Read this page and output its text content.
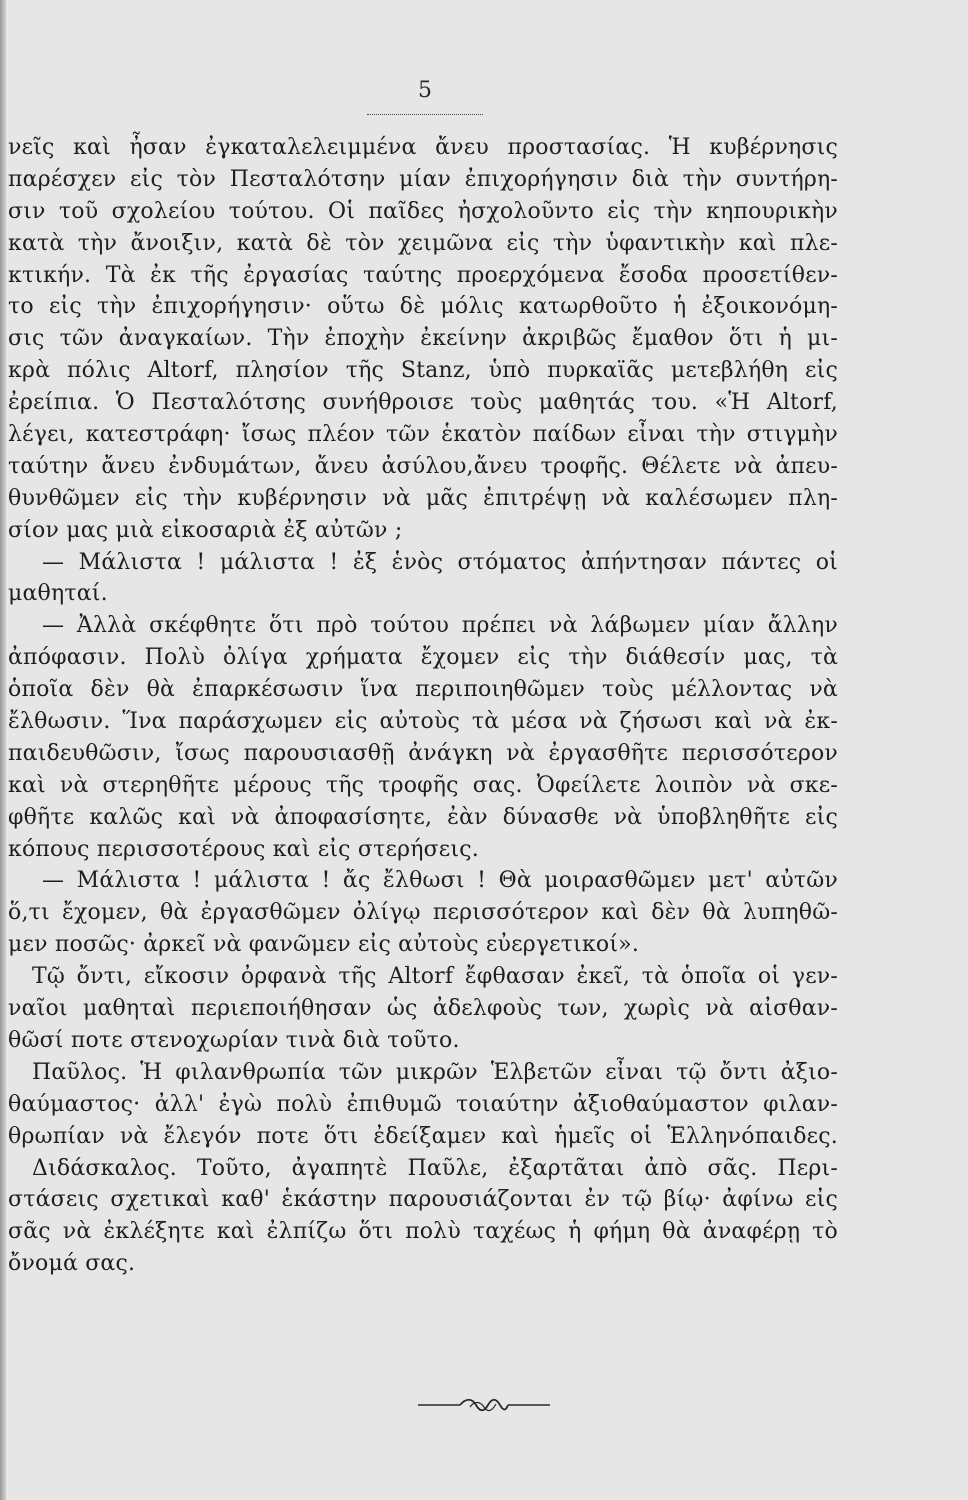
5
νεῖς καὶ ἦσαν ἐγκαταλελειμμένα ἄνευ προστασίας. Ἡ κυβέρνησις
παρέσχεν εἰς τὸν Πεσταλότσην μίαν ἐπιχορήγησιν διὰ τὴν συντήρη-
σιν τοῦ σχολείου τούτου. Οἱ παῖδες ἠσχολοῦντο εἰς τὴν κηπουρικὴν
κατὰ τὴν ἄνοιξιν, κατὰ δὲ τὸν χειμῶνα εἰς τὴν ὑφαντικὴν καὶ πλε-
κτικήν. Τὰ ἐκ τῆς ἐργασίας ταύτης προερχόμενα ἔσοδα προσετίθεν-
το εἰς τὴν ἐπιχορήγησιν· οὕτω δὲ μόλις κατωρθοῦτο ἡ ἐξοικονόμη-
σις τῶν ἀναγκαίων. Τὴν ἐποχὴν ἐκείνην ἀκριβῶς ἔμαθον ὅτι ἡ μι-
κρὰ πόλις Altorf, πλησίον τῆς Stanz, ὑπὸ πυρκαϊᾶς μετεβλήθη εἰς
ἐρείπια. Ὁ Πεσταλότσης συνήθροισε τοὺς μαθητάς του. «Ἡ Altorf,
λέγει, κατεστράφη· ἴσως πλέον τῶν ἑκατὸν παίδων εἶναι τὴν στιγμὴν
ταύτην ἄνευ ἐνδυμάτων, ἄνευ ἀσύλου,ἄνευ τροφῆς. Θέλετε νὰ ἀπευ-
θυνθῶμεν εἰς τὴν κυβέρνησιν νὰ μᾶς ἐπιτρέψῃ νὰ καλέσωμεν πλη-
σίον μας μιὰ εἰκοσαριὰ ἐξ αὐτῶν ;
— Μάλιστα ! μάλιστα ! ἐξ ἑνὸς στόματος ἀπήντησαν πάντες οἱ
μαθηταί.
— Ἀλλὰ σκέφθητε ὅτι πρὸ τούτου πρέπει νὰ λάβωμεν μίαν ἄλλην
ἀπόφασιν. Πολὺ ὀλίγα χρήματα ἔχομεν εἰς τὴν διάθεσίν μας, τὰ
ὁποῖα δὲν θὰ ἐπαρκέσωσιν ἵνα περιποιηθῶμεν τοὺς μέλλοντας νὰ
ἔλθωσιν. Ἵνα παράσχωμεν εἰς αὐτοὺς τὰ μέσα νὰ ζήσωσι καὶ νὰ ἐκ-
παιδευθῶσιν, ἴσως παρουσιασθῇ ἀνάγκη νὰ ἐργασθῆτε περισσότερον
καὶ νὰ στερηθῆτε μέρους τῆς τροφῆς σας. Ὀφείλετε λοιπὸν νὰ σκε-
φθῆτε καλῶς καὶ νὰ ἀποφασίσητε, ἐὰν δύνασθε νὰ ὑποβληθῆτε εἰς
κόπους περισσοτέρους καὶ εἰς στερήσεις.
— Μάλιστα ! μάλιστα ! ἄς ἔλθωσι ! Θὰ μοιρασθῶμεν μετ' αὐτῶν
ὅ,τι ἔχομεν, θὰ ἐργασθῶμεν ὀλίγῳ περισσότερον καὶ δὲν θὰ λυπηθῶ-
μεν ποσῶς· ἀρκεῖ νὰ φανῶμεν εἰς αὐτοὺς εὐεργετικοί».
Τῷ ὄντι, εἴκοσιν ὀρφανὰ τῆς Altorf ἔφθασαν ἐκεῖ, τὰ ὁποῖα οἱ γεν-
ναῖοι μαθηταὶ περιεποιήθησαν ὡς ἀδελφοὺς των, χωρὶς νὰ αἰσθαν-
θῶσί ποτε στενοχωρίαν τινὰ διὰ τοῦτο.
Παῦλος. Ἡ φιλανθρωπία τῶν μικρῶν Ἑλβετῶν εἶναι τῷ ὄντι ἀξιο-
θαύμαστος· ἀλλ' ἐγὼ πολὺ ἐπιθυμῶ τοιαύτην ἀξιοθαύμαστον φιλαν-
θρωπίαν νὰ ἔλεγόν ποτε ὅτι ἐδείξαμεν καὶ ἡμεῖς οἱ Ἑλληνόπαιδες.
Διδάσκαλος. Τοῦτο, ἀγαπητὲ Παῦλε, ἐξαρτᾶται ἀπὸ σᾶς. Περι-
στάσεις σχετικαὶ καθ' ἑκάστην παρουσιάζονται ἐν τῷ βίῳ· ἀφίνω εἰς
σᾶς νὰ ἐκλέξητε καὶ ἐλπίζω ὅτι πολὺ ταχέως ἡ φήμη θὰ ἀναφέρῃ τὸ
ὄνομά σας.
